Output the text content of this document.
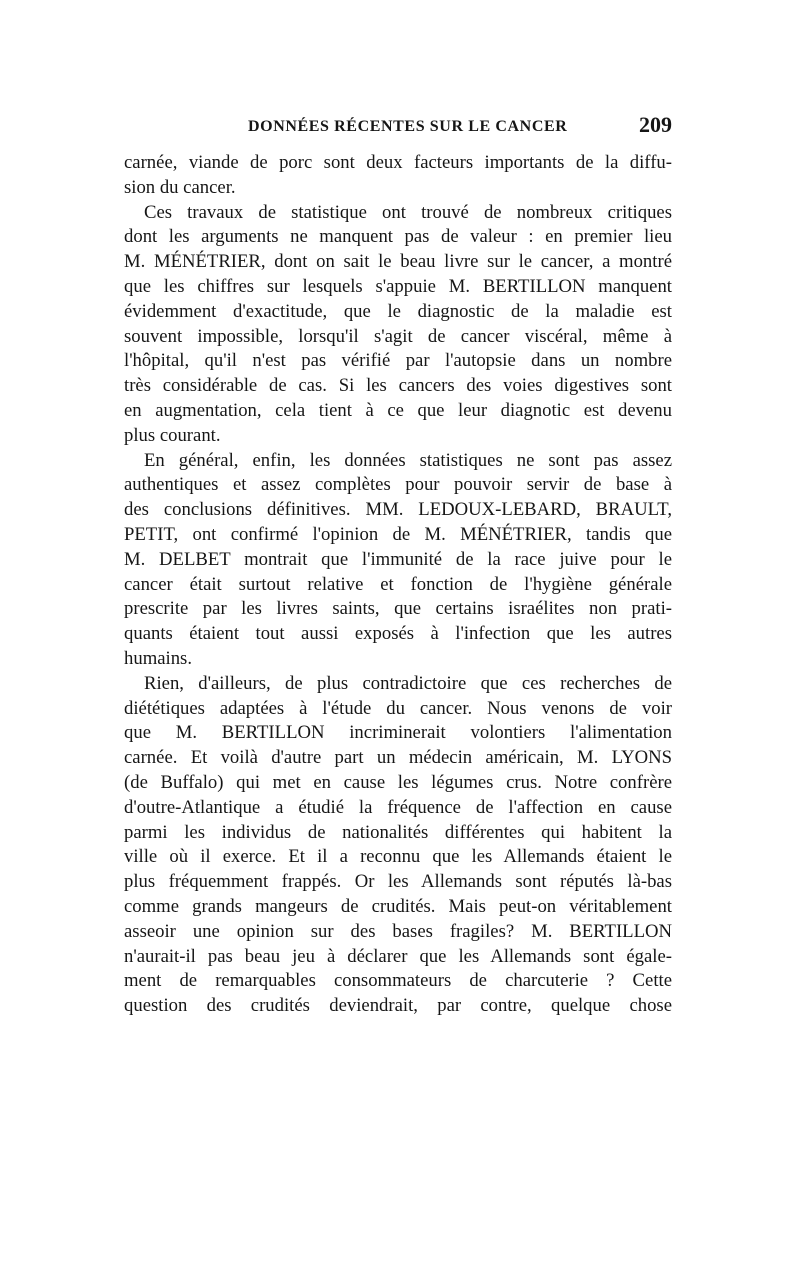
DONNÉES RÉCENTES SUR LE CANCER	209
carnée, viande de porc sont deux facteurs importants de la diffu-
sion du cancer.
Ces travaux de statistique ont trouvé de nombreux critiques
dont les arguments ne manquent pas de valeur : en premier lieu
M. MÉNÉTRIER, dont on sait le beau livre sur le cancer, a montré
que les chiffres sur lesquels s'appuie M. BERTILLON manquent
évidemment d'exactitude, que le diagnostic de la maladie est
souvent impossible, lorsqu'il s'agit de cancer viscéral, même à
l'hôpital, qu'il n'est pas vérifié par l'autopsie dans un nombre
très considérable de cas. Si les cancers des voies digestives sont
en augmentation, cela tient à ce que leur diagnotic est devenu
plus courant.
En général, enfin, les données statistiques ne sont pas assez
authentiques et assez complètes pour pouvoir servir de base à
des conclusions définitives. MM. LEDOUX-LEBARD, BRAULT,
PETIT, ont confirmé l'opinion de M. MÉNÉTRIER, tandis que
M. DELBET montrait que l'immunité de la race juive pour le
cancer était surtout relative et fonction de l'hygiène générale
prescrite par les livres saints, que certains israélites non prati-
quants étaient tout aussi exposés à l'infection que les autres
humains.
Rien, d'ailleurs, de plus contradictoire que ces recherches de
diététiques adaptées à l'étude du cancer. Nous venons de voir
que M. BERTILLON incriminerait volontiers l'alimentation
carnée. Et voilà d'autre part un médecin américain, M. LYONS
(de Buffalo) qui met en cause les légumes crus. Notre confrère
d'outre-Atlantique a étudié la fréquence de l'affection en cause
parmi les individus de nationalités différentes qui habitent la
ville où il exerce. Et il a reconnu que les Allemands étaient le
plus fréquemment frappés. Or les Allemands sont réputés là-bas
comme grands mangeurs de crudités. Mais peut-on véritablement
asseoir une opinion sur des bases fragiles? M. BERTILLON
n'aurait-il pas beau jeu à déclarer que les Allemands sont égale-
ment de remarquables consommateurs de charcuterie ? Cette
question des crudités deviendrait, par contre, quelque chose
